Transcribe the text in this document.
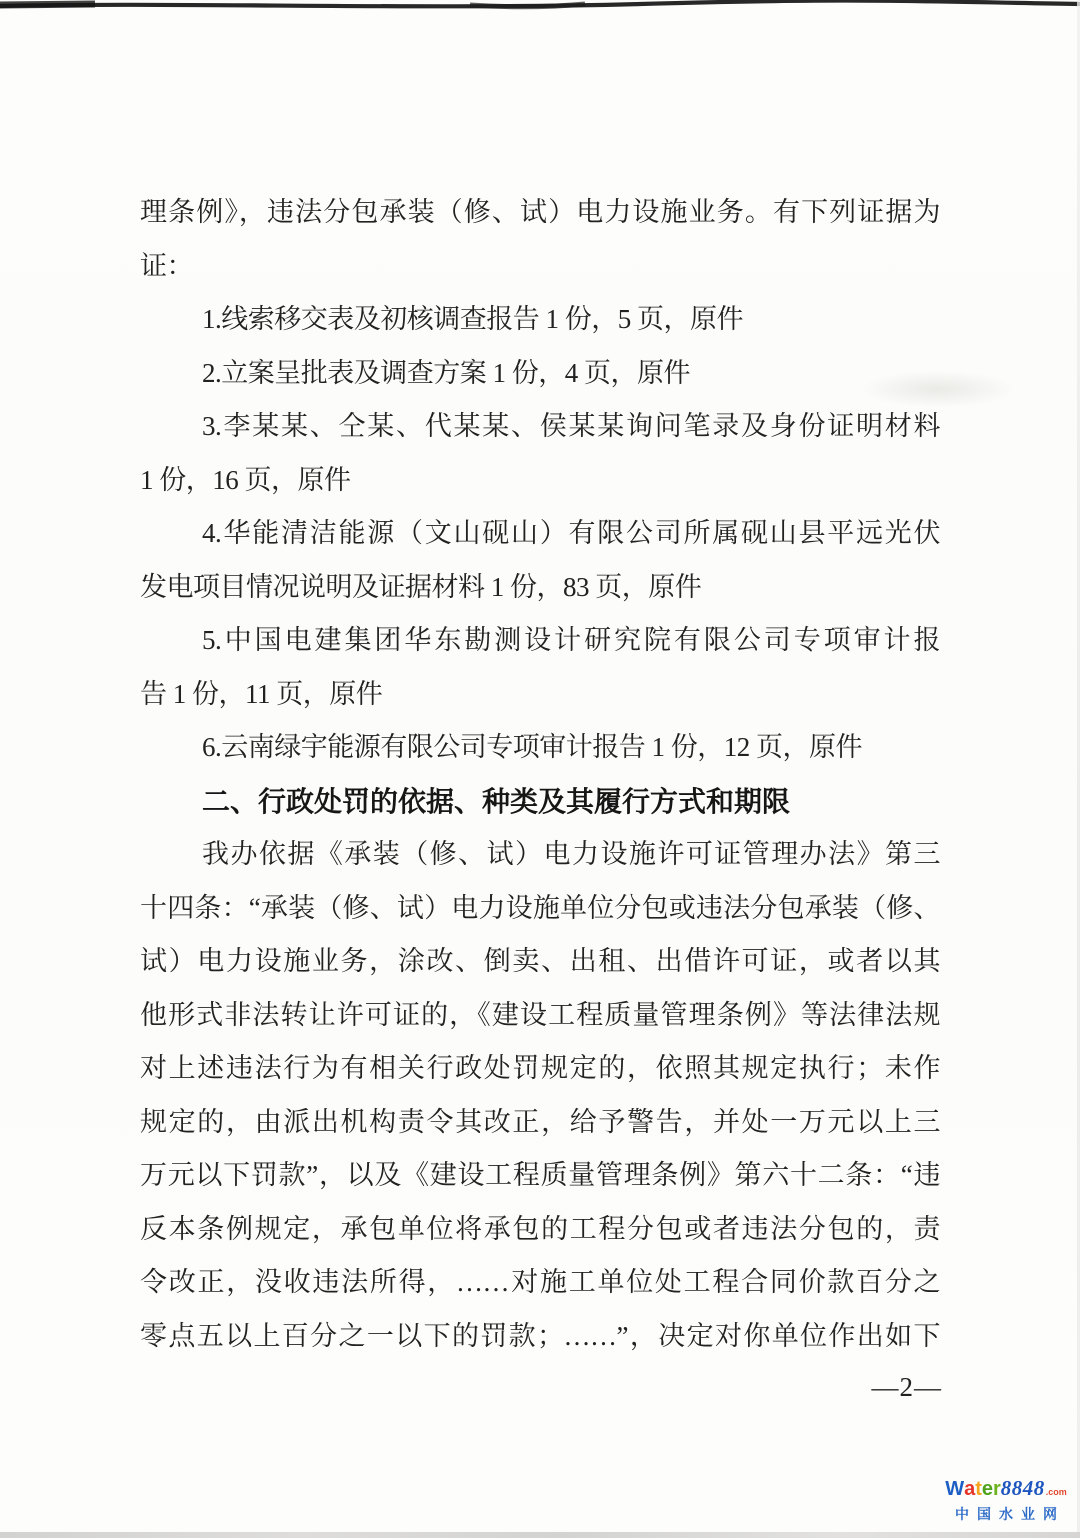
理条例》，违法分包承装（修、试）电力设施业务。有下列证据为
证：
1.线索移交表及初核调查报告 1 份，5 页，原件
2.立案呈批表及调查方案 1 份，4 页，原件
3.李某某、仝某、代某某、侯某某询问笔录及身份证明材料
1 份，16 页，原件
4.华能清洁能源（文山砚山）有限公司所属砚山县平远光伏
发电项目情况说明及证据材料 1 份，83 页，原件
5.中国电建集团华东勘测设计研究院有限公司专项审计报
告 1 份，11 页，原件
6.云南绿宇能源有限公司专项审计报告 1 份，12 页，原件
二、行政处罚的依据、种类及其履行方式和期限
我办依据《承装（修、试）电力设施许可证管理办法》第三
十四条：“承装（修、试）电力设施单位分包或违法分包承装（修、
试）电力设施业务，涂改、倒卖、出租、出借许可证，或者以其
他形式非法转让许可证的，《建设工程质量管理条例》等法律法规
对上述违法行为有相关行政处罚规定的，依照其规定执行；未作
规定的，由派出机构责令其改正，给予警告，并处一万元以上三
万元以下罚款”，以及《建设工程质量管理条例》第六十二条：“违
反本条例规定，承包单位将承包的工程分包或者违法分包的，责
令改正，没收违法所得，……对施工单位处工程合同价款百分之
零点五以上百分之一以下的罚款；……”，决定对你单位作出如下
—2—
W a t e r 8848 .com
中国水业网
